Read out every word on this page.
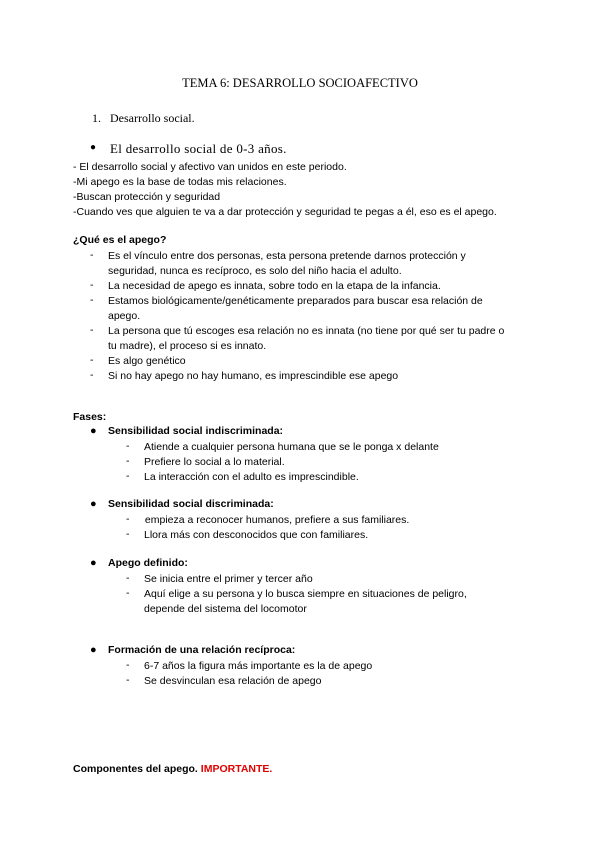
TEMA 6: DESARROLLO SOCIOAFECTIVO
1. Desarrollo social.
● El desarrollo social de 0-3 años.
- El desarrollo social y afectivo van unidos en este periodo.
-Mi apego es la base de todas mis relaciones.
-Buscan protección y seguridad
-Cuando ves que alguien te va a dar protección y seguridad te pegas a él, eso es el apego.
¿Qué es el apego?
- Es el vínculo entre dos personas, esta persona pretende darnos protección y
seguridad, nunca es recíproco, es solo del niño hacia el adulto.
- La necesidad de apego es innata, sobre todo en la etapa de la infancia.
- Estamos biológicamente/genéticamente preparados para buscar esa relación de
apego.
- La persona que tú escoges esa relación no es innata (no tiene por qué ser tu padre o
tu madre), el proceso si es innato.
- Es algo genético
- Si no hay apego no hay humano, es imprescindible ese apego
Fases:
● Sensibilidad social indiscriminada:
- Atiende a cualquier persona humana que se le ponga x delante
- Prefiere lo social a lo material.
- La interacción con el adulto es imprescindible.
● Sensibilidad social discriminada:
- empieza a reconocer humanos, prefiere a sus familiares.
- Llora más con desconocidos que con familiares.
● Apego definido:
- Se inicia entre el primer y tercer año
- Aquí elige a su persona y lo busca siempre en situaciones de peligro,
depende del sistema del locomotor
● Formación de una relación recíproca:
- 6-7 años la figura más importante es la de apego
- Se desvinculan esa relación de apego
Componentes del apego. IMPORTANTE.
